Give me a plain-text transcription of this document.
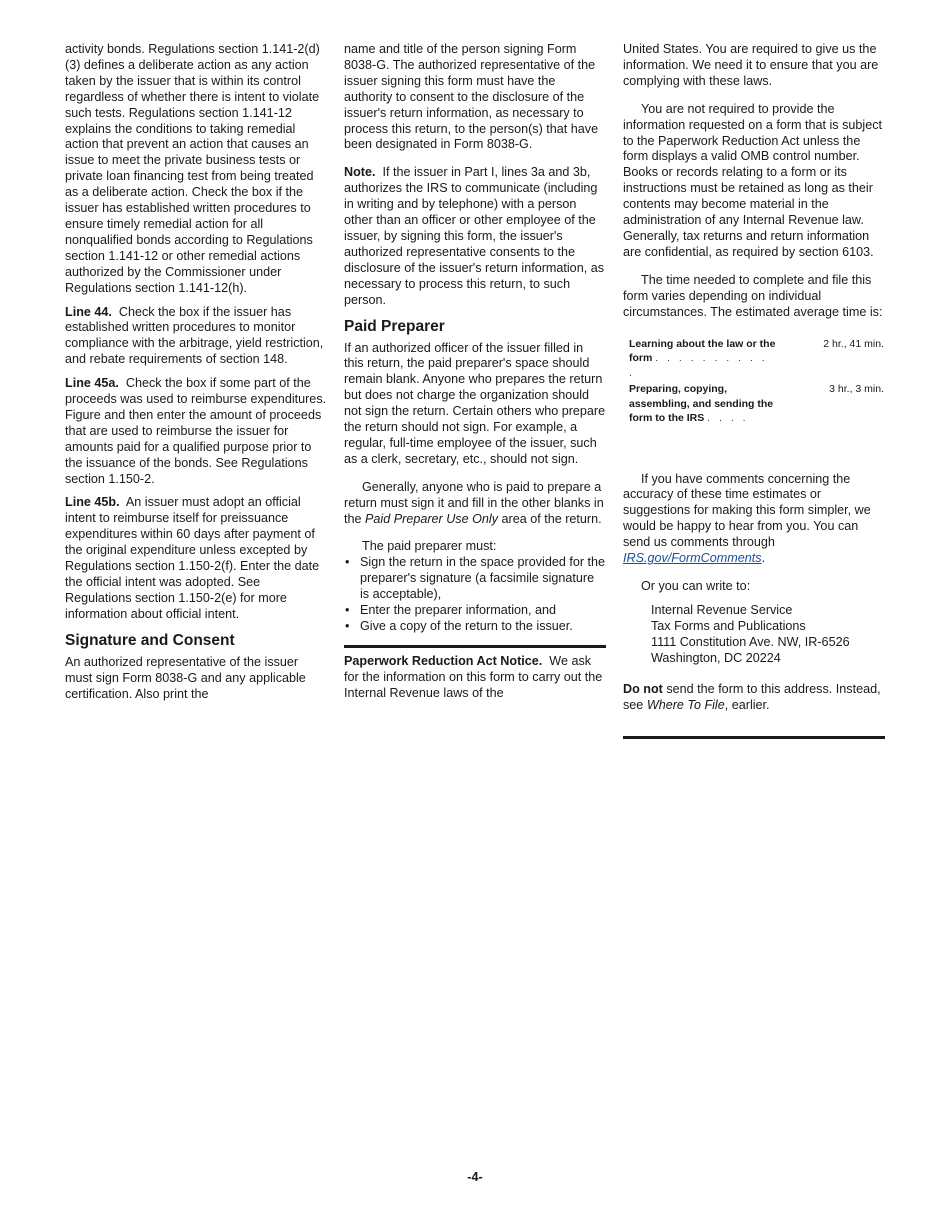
activity bonds. Regulations section 1.141-2(d)(3) defines a deliberate action as any action taken by the issuer that is within its control regardless of whether there is intent to violate such tests. Regulations section 1.141-12 explains the conditions to taking remedial action that prevent an action that causes an issue to meet the private business tests or private loan financing test from being treated as a deliberate action. Check the box if the issuer has established written procedures to ensure timely remedial action for all nonqualified bonds according to Regulations section 1.141-12 or other remedial actions authorized by the Commissioner under Regulations section 1.141-12(h).

Line 44. Check the box if the issuer has established written procedures to monitor compliance with the arbitrage, yield restriction, and rebate requirements of section 148.

Line 45a. Check the box if some part of the proceeds was used to reimburse expenditures. Figure and then enter the amount of proceeds that are used to reimburse the issuer for amounts paid for a qualified purpose prior to the issuance of the bonds. See Regulations section 1.150-2.

Line 45b. An issuer must adopt an official intent to reimburse itself for preissuance expenditures within 60 days after payment of the original expenditure unless excepted by Regulations section 1.150-2(f). Enter the date the official intent was adopted. See Regulations section 1.150-2(e) for more information about official intent.

Signature and Consent

An authorized representative of the issuer must sign Form 8038-G and any applicable certification. Also print the

name and title of the person signing Form 8038-G. The authorized representative of the issuer signing this form must have the authority to consent to the disclosure of the issuer's return information, as necessary to process this return, to the person(s) that have been designated in Form 8038-G.

Note. If the issuer in Part I, lines 3a and 3b, authorizes the IRS to communicate (including in writing and by telephone) with a person other than an officer or other employee of the issuer, by signing this form, the issuer's authorized representative consents to the disclosure of the issuer's return information, as necessary to process this return, to such person.

Paid Preparer

If an authorized officer of the issuer filled in this return, the paid preparer's space should remain blank. Anyone who prepares the return but does not charge the organization should not sign the return. Certain others who prepare the return should not sign. For example, a regular, full-time employee of the issuer, such as a clerk, secretary, etc., should not sign.

Generally, anyone who is paid to prepare a return must sign it and fill in the other blanks in the Paid Preparer Use Only area of the return.

The paid preparer must:

• Sign the return in the space provided for the preparer's signature (a facsimile signature is acceptable),
• Enter the preparer information, and
• Give a copy of the return to the issuer.

Paperwork Reduction Act Notice. We ask for the information on this form to carry out the Internal Revenue laws of the

United States. You are required to give us the information. We need it to ensure that you are complying with these laws.

You are not required to provide the information requested on a form that is subject to the Paperwork Reduction Act unless the form displays a valid OMB control number. Books or records relating to a form or its instructions must be retained as long as their contents may become material in the administration of any Internal Revenue law. Generally, tax returns and return information are confidential, as required by section 6103.

The time needed to complete and file this form varies depending on individual circumstances. The estimated average time is:

Learning about the law or the form . . . . . . . . . . .	2 hr., 41 min.
Preparing, copying, assembling, and sending the form to the IRS . . . .	3 hr., 3 min.

If you have comments concerning the accuracy of these time estimates or suggestions for making this form simpler, we would be happy to hear from you. You can send us comments through IRS.gov/FormComments.

Or you can write to:

Internal Revenue Service
Tax Forms and Publications
1111 Constitution Ave. NW, IR-6526
Washington, DC 20224

Do not send the form to this address. Instead, see Where To File, earlier.

-4-
